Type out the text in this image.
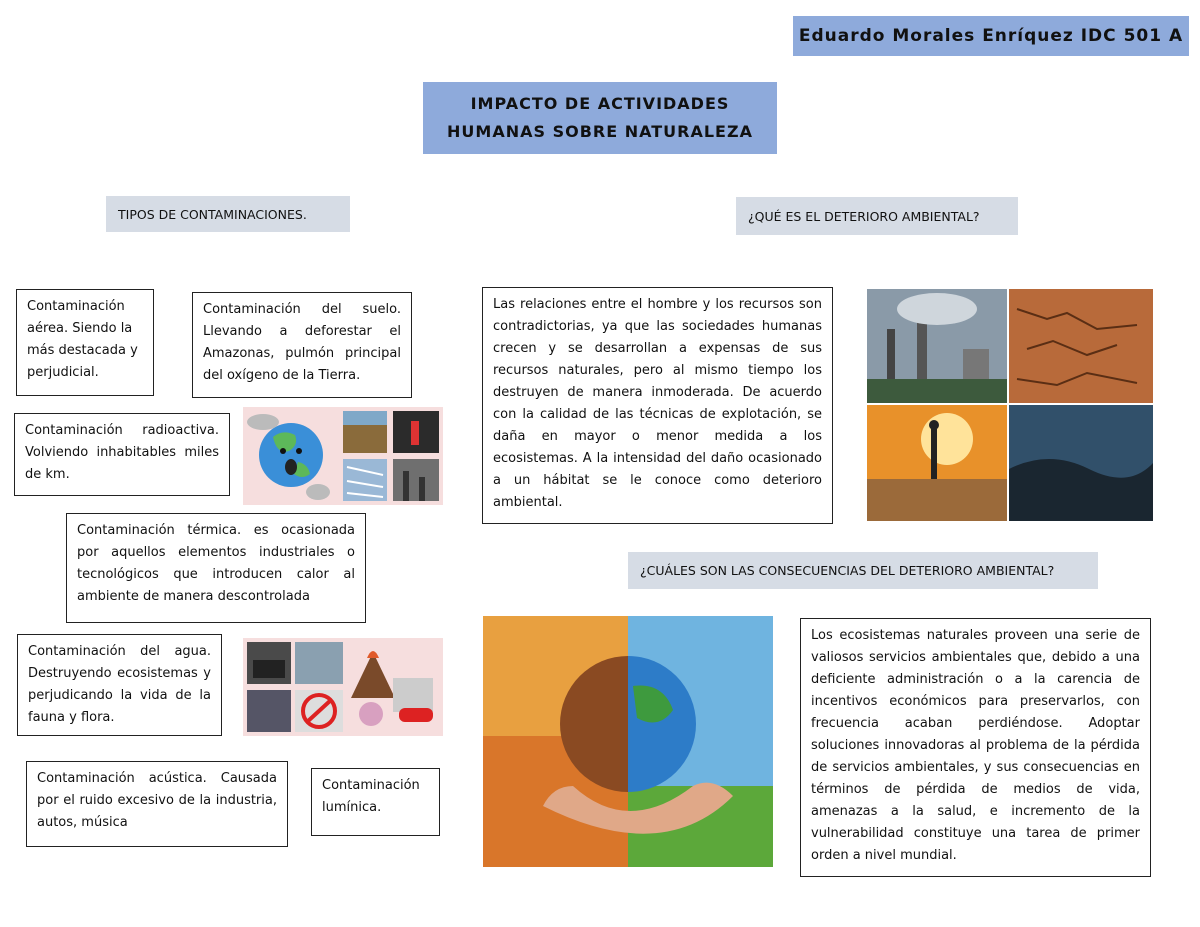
Eduardo Morales Enríquez IDC 501 A
IMPACTO DE ACTIVIDADES
HUMANAS SOBRE NATURALEZA
TIPOS DE CONTAMINACIONES.	¿QUÉ ES EL DETERIORO AMBIENTAL?
¿CUÁLES SON LAS CONSECUENCIAS DEL DETERIORO AMBIENTAL?
Contaminación aérea. Siendo la más destacada y perjudicial.
Contaminación del suelo. Llevando a deforestar el Amazonas, pulmón principal del oxígeno de la Tierra.
Contaminación radioactiva. Volviendo inhabitables miles de km.
Contaminación térmica. es ocasionada por aquellos elementos industriales o tecnológicos que introducen calor al ambiente de manera descontrolada
Contaminación del agua. Destruyendo ecosistemas y perjudicando la vida de la fauna y flora.
Contaminación acústica. Causada por el ruido excesivo de la industria, autos, música
Contaminación lumínica.
Las relaciones entre el hombre y los recursos son contradictorias, ya que las sociedades humanas crecen y se desarrollan a expensas de sus recursos naturales, pero al mismo tiempo los destruyen de manera inmoderada. De acuerdo con la calidad de las técnicas de explotación, se daña en mayor o menor medida a los ecosistemas. A la intensidad del daño ocasionado a un hábitat se le conoce como deterioro ambiental.
Los ecosistemas naturales proveen una serie de valiosos servicios ambientales que, debido a una deficiente administración o a la carencia de incentivos económicos para preservarlos, con frecuencia acaban perdiéndose. Adoptar soluciones innovadoras al problema de la pérdida de servicios ambientales, y sus consecuencias en términos de pérdida de medios de vida, amenazas a la salud, e incremento de la vulnerabilidad constituye una tarea de primer orden a nivel mundial.
